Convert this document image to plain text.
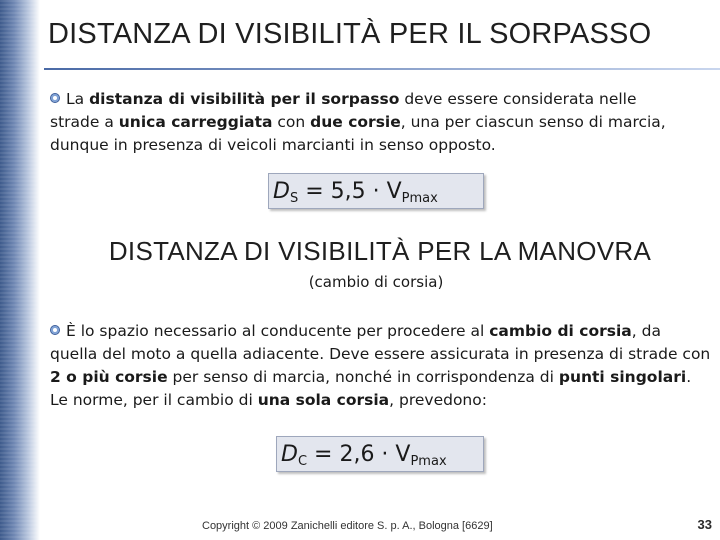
DISTANZA DI VISIBILITÀ PER IL SORPASSO

La distanza di visibilità per il sorpasso deve essere considerata nelle strade a unica carreggiata con due corsie, una per ciascun senso di marcia, dunque in presenza di veicoli marcianti in senso opposto.

$D_S = 5,5 \cdot V_{Pmax}$
DISTANZA DI VISIBILITÀ PER LA MANOVRA
(cambio di corsia)

È lo spazio necessario al conducente per procedere al cambio di corsia, da quella del moto a quella adiacente. Deve essere assicurata in presenza di strade con 2 o più corsie per senso di marcia, nonché in corrispondenza di punti singolari. Le norme, per il cambio di una sola corsia, prevedono:

$D_C = 2,6 \cdot V_{Pmax}$
Copyright © 2009 Zanichelli editore S. p. A., Bologna [6629]	33
